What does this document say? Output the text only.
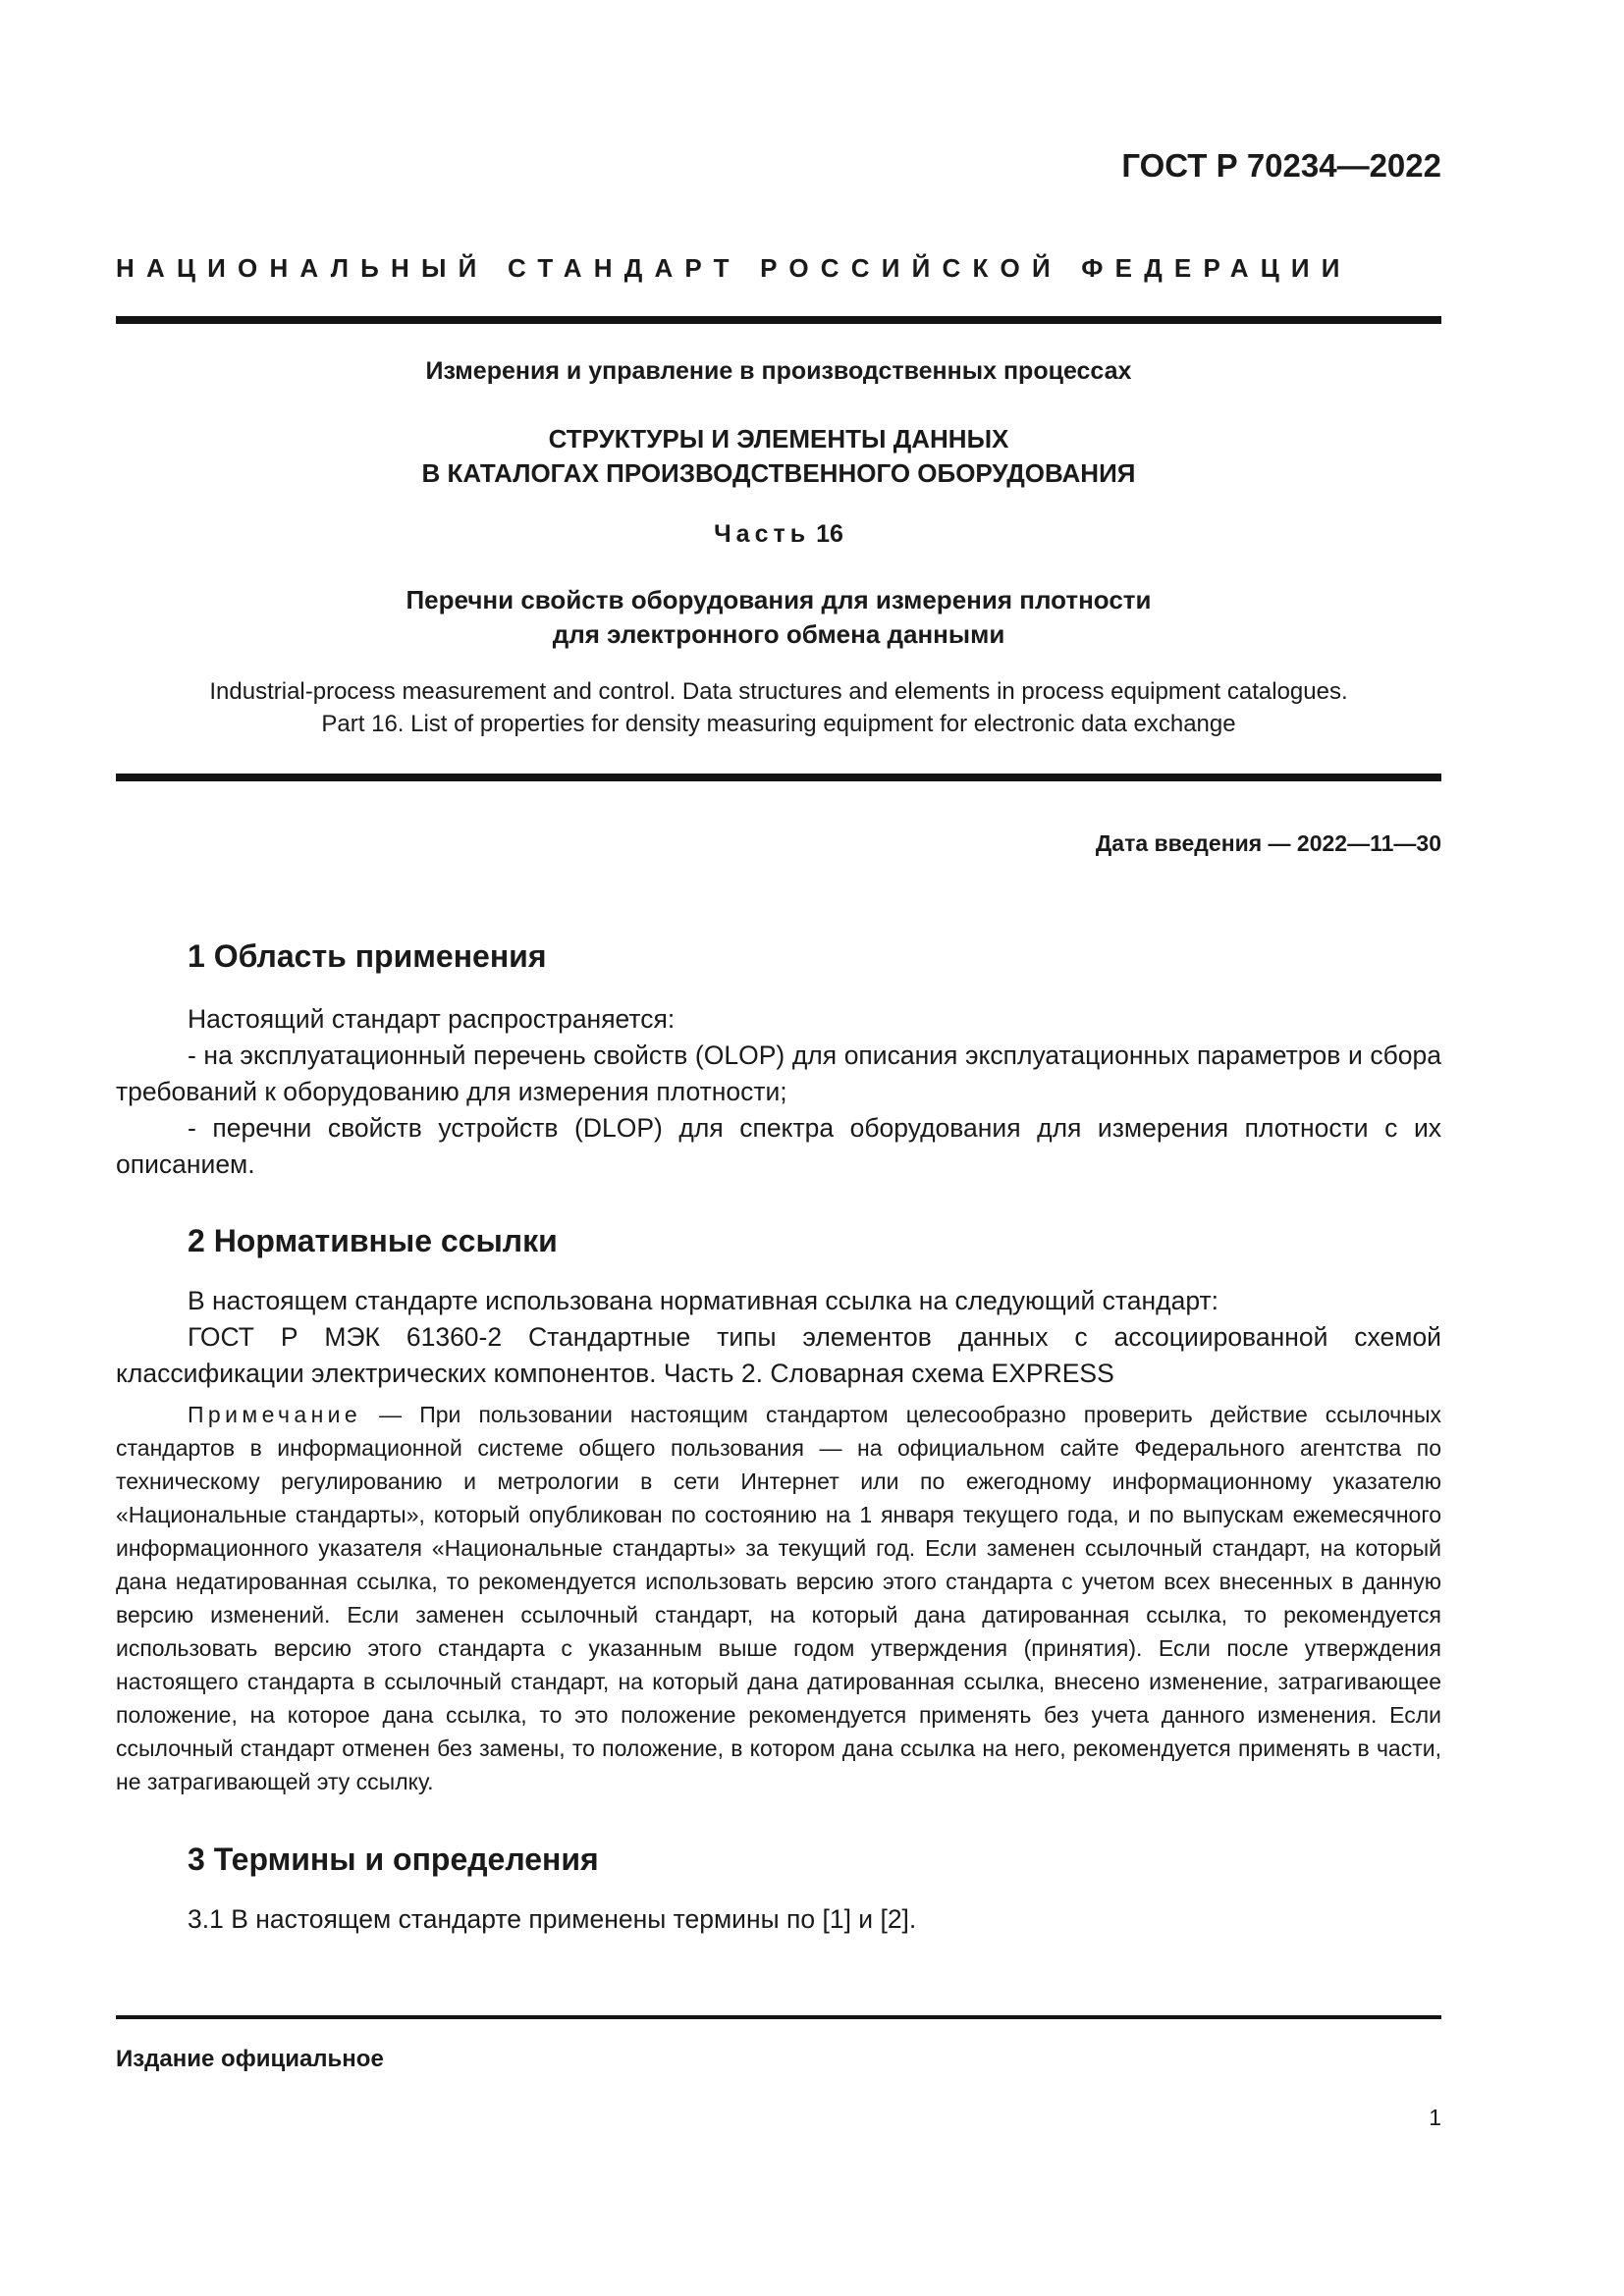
ГОСТ Р 70234—2022
НАЦИОНАЛЬНЫЙ СТАНДАРТ РОССИЙСКОЙ ФЕДЕРАЦИИ
Измерения и управление в производственных процессах
СТРУКТУРЫ И ЭЛЕМЕНТЫ ДАННЫХ
В КАТАЛОГАХ ПРОИЗВОДСТВЕННОГО ОБОРУДОВАНИЯ
Часть 16
Перечни свойств оборудования для измерения плотности
для электронного обмена данными
Industrial-process measurement and control. Data structures and elements in process equipment catalogues.
Part 16. List of properties for density measuring equipment for electronic data exchange
Дата введения — 2022—11—30
1 Область применения
Настоящий стандарт распространяется:
- на эксплуатационный перечень свойств (OLOP) для описания эксплуатационных параметров и сбора требований к оборудованию для измерения плотности;
- перечни свойств устройств (DLOP) для спектра оборудования для измерения плотности с их описанием.
2 Нормативные ссылки
В настоящем стандарте использована нормативная ссылка на следующий стандарт:
ГОСТ Р МЭК 61360-2 Стандартные типы элементов данных с ассоциированной схемой классификации электрических компонентов. Часть 2. Словарная схема EXPRESS
Примечание — При пользовании настоящим стандартом целесообразно проверить действие ссылочных стандартов в информационной системе общего пользования — на официальном сайте Федерального агентства по техническому регулированию и метрологии в сети Интернет или по ежегодному информационному указателю «Национальные стандарты», который опубликован по состоянию на 1 января текущего года, и по выпускам ежемесячного информационного указателя «Национальные стандарты» за текущий год. Если заменен ссылочный стандарт, на который дана недатированная ссылка, то рекомендуется использовать версию этого стандарта с учетом всех внесенных в данную версию изменений. Если заменен ссылочный стандарт, на который дана датированная ссылка, то рекомендуется использовать версию этого стандарта с указанным выше годом утверждения (принятия). Если после утверждения настоящего стандарта в ссылочный стандарт, на который дана датированная ссылка, внесено изменение, затрагивающее положение, на которое дана ссылка, то это положение рекомендуется применять без учета данного изменения. Если ссылочный стандарт отменен без замены, то положение, в котором дана ссылка на него, рекомендуется применять в части, не затрагивающей эту ссылку.
3 Термины и определения
3.1 В настоящем стандарте применены термины по [1] и [2].
Издание официальное
1
